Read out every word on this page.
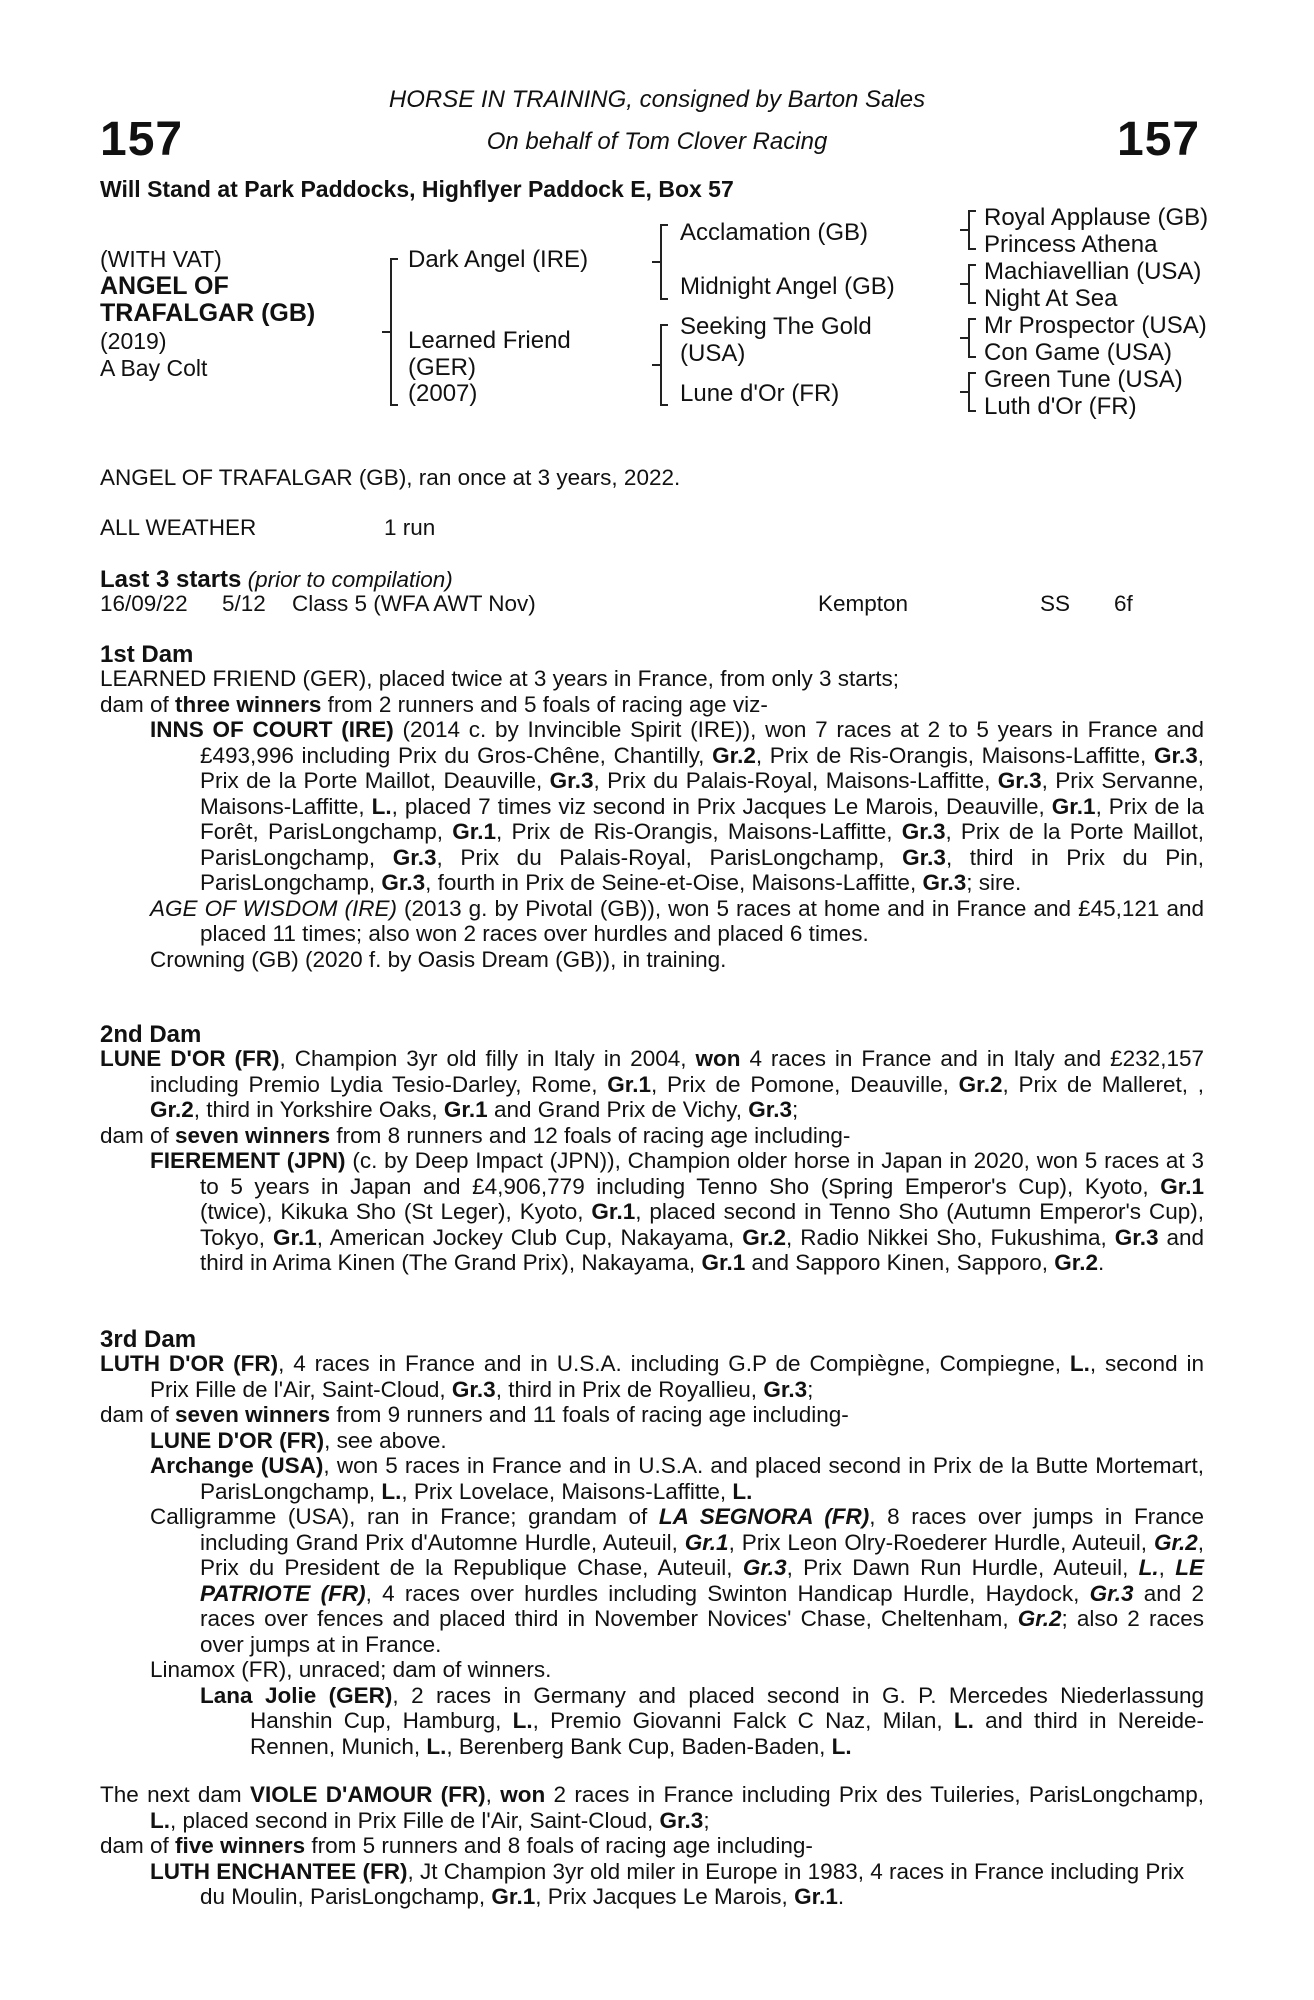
157	157
HORSE IN TRAINING, consigned by Barton Sales
On behalf of Tom Clover Racing
Will Stand at Park Paddocks, Highflyer Paddock E, Box 57
(WITH VAT)
ANGEL OF
TRAFALGAR (GB)
(2019)
A Bay Colt
Dark Angel (IRE)
Learned Friend
(GER)
(2007)
Acclamation (GB)
Midnight Angel (GB)
Seeking The Gold
(USA)
Lune d'Or (FR)
Royal Applause (GB)
Princess Athena
Machiavellian (USA)
Night At Sea
Mr Prospector (USA)
Con Game (USA)
Green Tune (USA)
Luth d'Or (FR)
ANGEL OF TRAFALGAR (GB), ran once at 3 years, 2022.
ALL WEATHER	1 run
Last 3 starts (prior to compilation)
16/09/22 5/12 Class 5 (WFA AWT Nov)	Kempton	SS 6f
1st Dam

LEARNED FRIEND (GER), placed twice at 3 years in France, from only 3 starts;

dam of three winners from 2 runners and 5 foals of racing age viz-

INNS OF COURT (IRE) (2014 c. by Invincible Spirit (IRE)), won 7 races at 2 to 5 years in France and £493,996 including Prix du Gros-Chêne, Chantilly, Gr.2, Prix de Ris-Orangis, Maisons-Laffitte, Gr.3, Prix de la Porte Maillot, Deauville, Gr.3, Prix du Palais-Royal, Maisons-Laffitte, Gr.3, Prix Servanne, Maisons-Laffitte, L., placed 7 times viz second in Prix Jacques Le Marois, Deauville, Gr.1, Prix de la Forêt, ParisLongchamp, Gr.1, Prix de Ris-Orangis, Maisons-Laffitte, Gr.3, Prix de la Porte Maillot, ParisLongchamp, Gr.3, Prix du Palais-Royal, ParisLongchamp, Gr.3, third in Prix du Pin, ParisLongchamp, Gr.3, fourth in Prix de Seine-et-Oise, Maisons-Laffitte, Gr.3; sire.

AGE OF WISDOM (IRE) (2013 g. by Pivotal (GB)), won 5 races at home and in France and £45,121 and placed 11 times; also won 2 races over hurdles and placed 6 times.

Crowning (GB) (2020 f. by Oasis Dream (GB)), in training.

2nd Dam

LUNE D'OR (FR), Champion 3yr old filly in Italy in 2004, won 4 races in France and in Italy and £232,157 including Premio Lydia Tesio-Darley, Rome, Gr.1, Prix de Pomone, Deauville, Gr.2, Prix de Malleret, , Gr.2, third in Yorkshire Oaks, Gr.1 and Grand Prix de Vichy, Gr.3;

dam of seven winners from 8 runners and 12 foals of racing age including-

FIEREMENT (JPN) (c. by Deep Impact (JPN)), Champion older horse in Japan in 2020, won 5 races at 3 to 5 years in Japan and £4,906,779 including Tenno Sho (Spring Emperor's Cup), Kyoto, Gr.1 (twice), Kikuka Sho (St Leger), Kyoto, Gr.1, placed second in Tenno Sho (Autumn Emperor's Cup), Tokyo, Gr.1, American Jockey Club Cup, Nakayama, Gr.2, Radio Nikkei Sho, Fukushima, Gr.3 and third in Arima Kinen (The Grand Prix), Nakayama, Gr.1 and Sapporo Kinen, Sapporo, Gr.2.

3rd Dam

LUTH D'OR (FR), 4 races in France and in U.S.A. including G.P de Compiègne, Compiegne, L., second in Prix Fille de l'Air, Saint-Cloud, Gr.3, third in Prix de Royallieu, Gr.3;

dam of seven winners from 9 runners and 11 foals of racing age including-

LUNE D'OR (FR), see above.

Archange (USA), won 5 races in France and in U.S.A. and placed second in Prix de la Butte Mortemart, ParisLongchamp, L., Prix Lovelace, Maisons-Laffitte, L.

Calligramme (USA), ran in France; grandam of LA SEGNORA (FR), 8 races over jumps in France including Grand Prix d'Automne Hurdle, Auteuil, Gr.1, Prix Leon Olry-Roederer Hurdle, Auteuil, Gr.2, Prix du President de la Republique Chase, Auteuil, Gr.3, Prix Dawn Run Hurdle, Auteuil, L., LE PATRIOTE (FR), 4 races over hurdles including Swinton Handicap Hurdle, Haydock, Gr.3 and 2 races over fences and placed third in November Novices' Chase, Cheltenham, Gr.2; also 2 races over jumps at in France.

Linamox (FR), unraced; dam of winners.

Lana Jolie (GER), 2 races in Germany and placed second in G. P. Mercedes Niederlassung Hanshin Cup, Hamburg, L., Premio Giovanni Falck C Naz, Milan, L. and third in Nereide-Rennen, Munich, L., Berenberg Bank Cup, Baden-Baden, L.

The next dam VIOLE D'AMOUR (FR), won 2 races in France including Prix des Tuileries, ParisLongchamp, L., placed second in Prix Fille de l'Air, Saint-Cloud, Gr.3;

dam of five winners from 5 runners and 8 foals of racing age including-

LUTH ENCHANTEE (FR), Jt Champion 3yr old miler in Europe in 1983, 4 races in France including Prix du Moulin, ParisLongchamp, Gr.1, Prix Jacques Le Marois, Gr.1.
